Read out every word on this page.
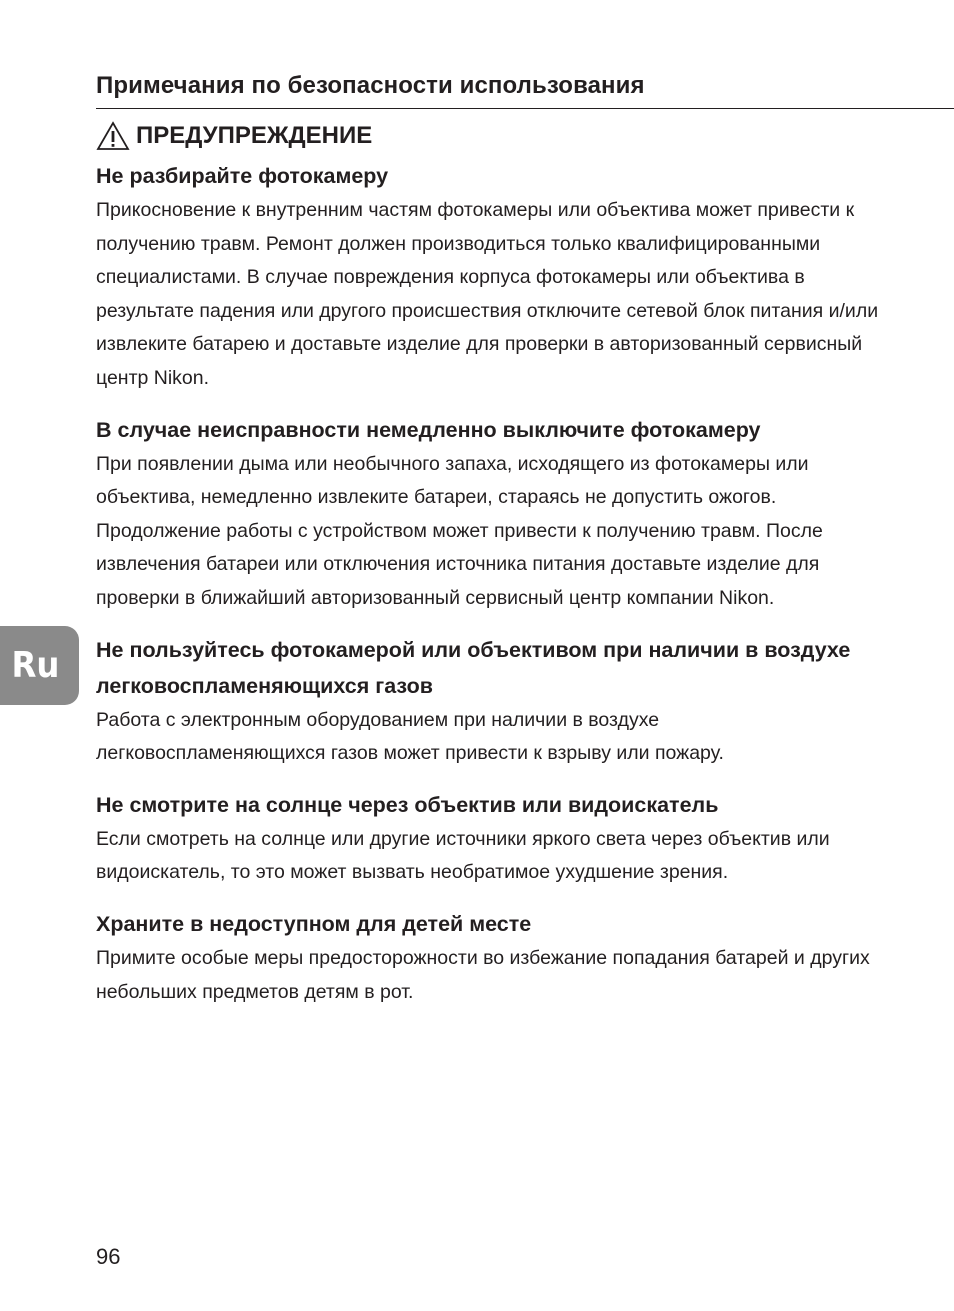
Примечания по безопасности использования
ПРЕДУПРЕЖДЕНИЕ
Не разбирайте фотокамеру

Прикосновение к внутренним частям фотокамеры или объектива может привести к получению травм. Ремонт должен производиться только квалифицированными специалистами. В случае повреждения корпуса фотокамеры или объектива в результате падения или другого происшествия отключите сетевой блок питания и/или извлеките батарею и доставьте изделие для проверки в авторизованный сервисный центр Nikon.

В случае неисправности немедленно выключите фотокамеру

При появлении дыма или необычного запаха, исходящего из фотокамеры или объектива, немедленно извлеките батареи, стараясь не допустить ожогов. Продолжение работы с устройством может привести к получению травм. После извлечения батареи или отключения источника питания доставьте изделие для проверки в ближайший авторизованный сервисный центр компании Nikon.

Не пользуйтесь фотокамерой или объективом при наличии в воздухе легковоспламеняющихся газов

Работа с электронным оборудованием при наличии в воздухе легковоспламеняющихся газов может привести к взрыву или пожару.

Не смотрите на солнце через объектив или видоискатель

Если смотреть на солнце или другие источники яркого света через объектив или видоискатель, то это может вызвать необратимое ухудшение зрения.

Храните в недоступном для детей месте

Примите особые меры предосторожности во избежание попадания батарей и других небольших предметов детям в рот.

Ru
96
